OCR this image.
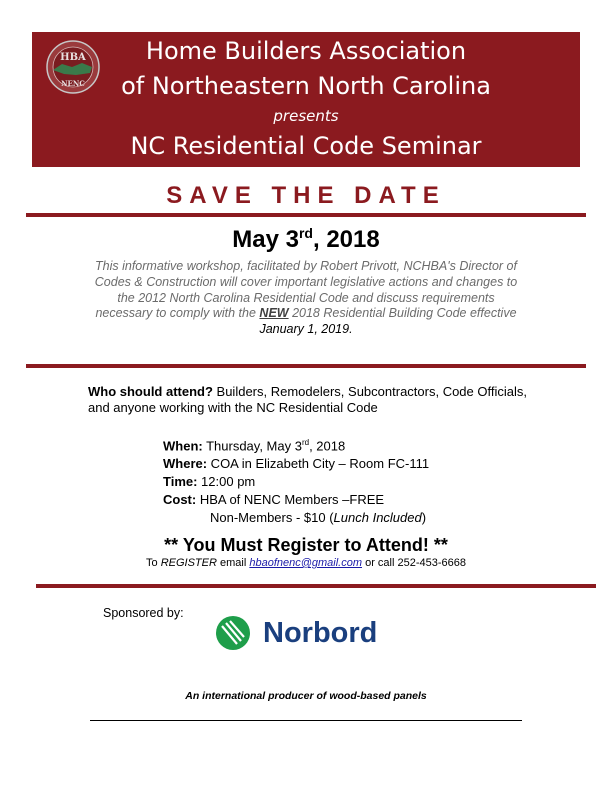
Home Builders Association
of Northeastern North Carolina
presents
NC Residential Code Seminar
HBA
NENC
SAVE THE DATE
May 3rd, 2018
This informative workshop, facilitated by Robert Privott, NCHBA's Director of Codes & Construction will cover important legislative actions and changes to the 2012 North Carolina Residential Code and discuss requirements necessary to comply with the NEW 2018 Residential Building Code effective
January 1, 2019.
Who should attend? Builders, Remodelers, Subcontractors, Code Officials, and anyone working with the NC Residential Code
When: Thursday, May 3rd, 2018
Where: COA in Elizabeth City – Room FC-111
Time: 12:00 pm
Cost: HBA of NENC Members –FREE
Non-Members - $10 (Lunch Included)
** You Must Register to Attend! **
To REGISTER email hbaofnenc@gmail.com or call 252-453-6668
Sponsored by:
Norbord
An international producer of wood-based panels
